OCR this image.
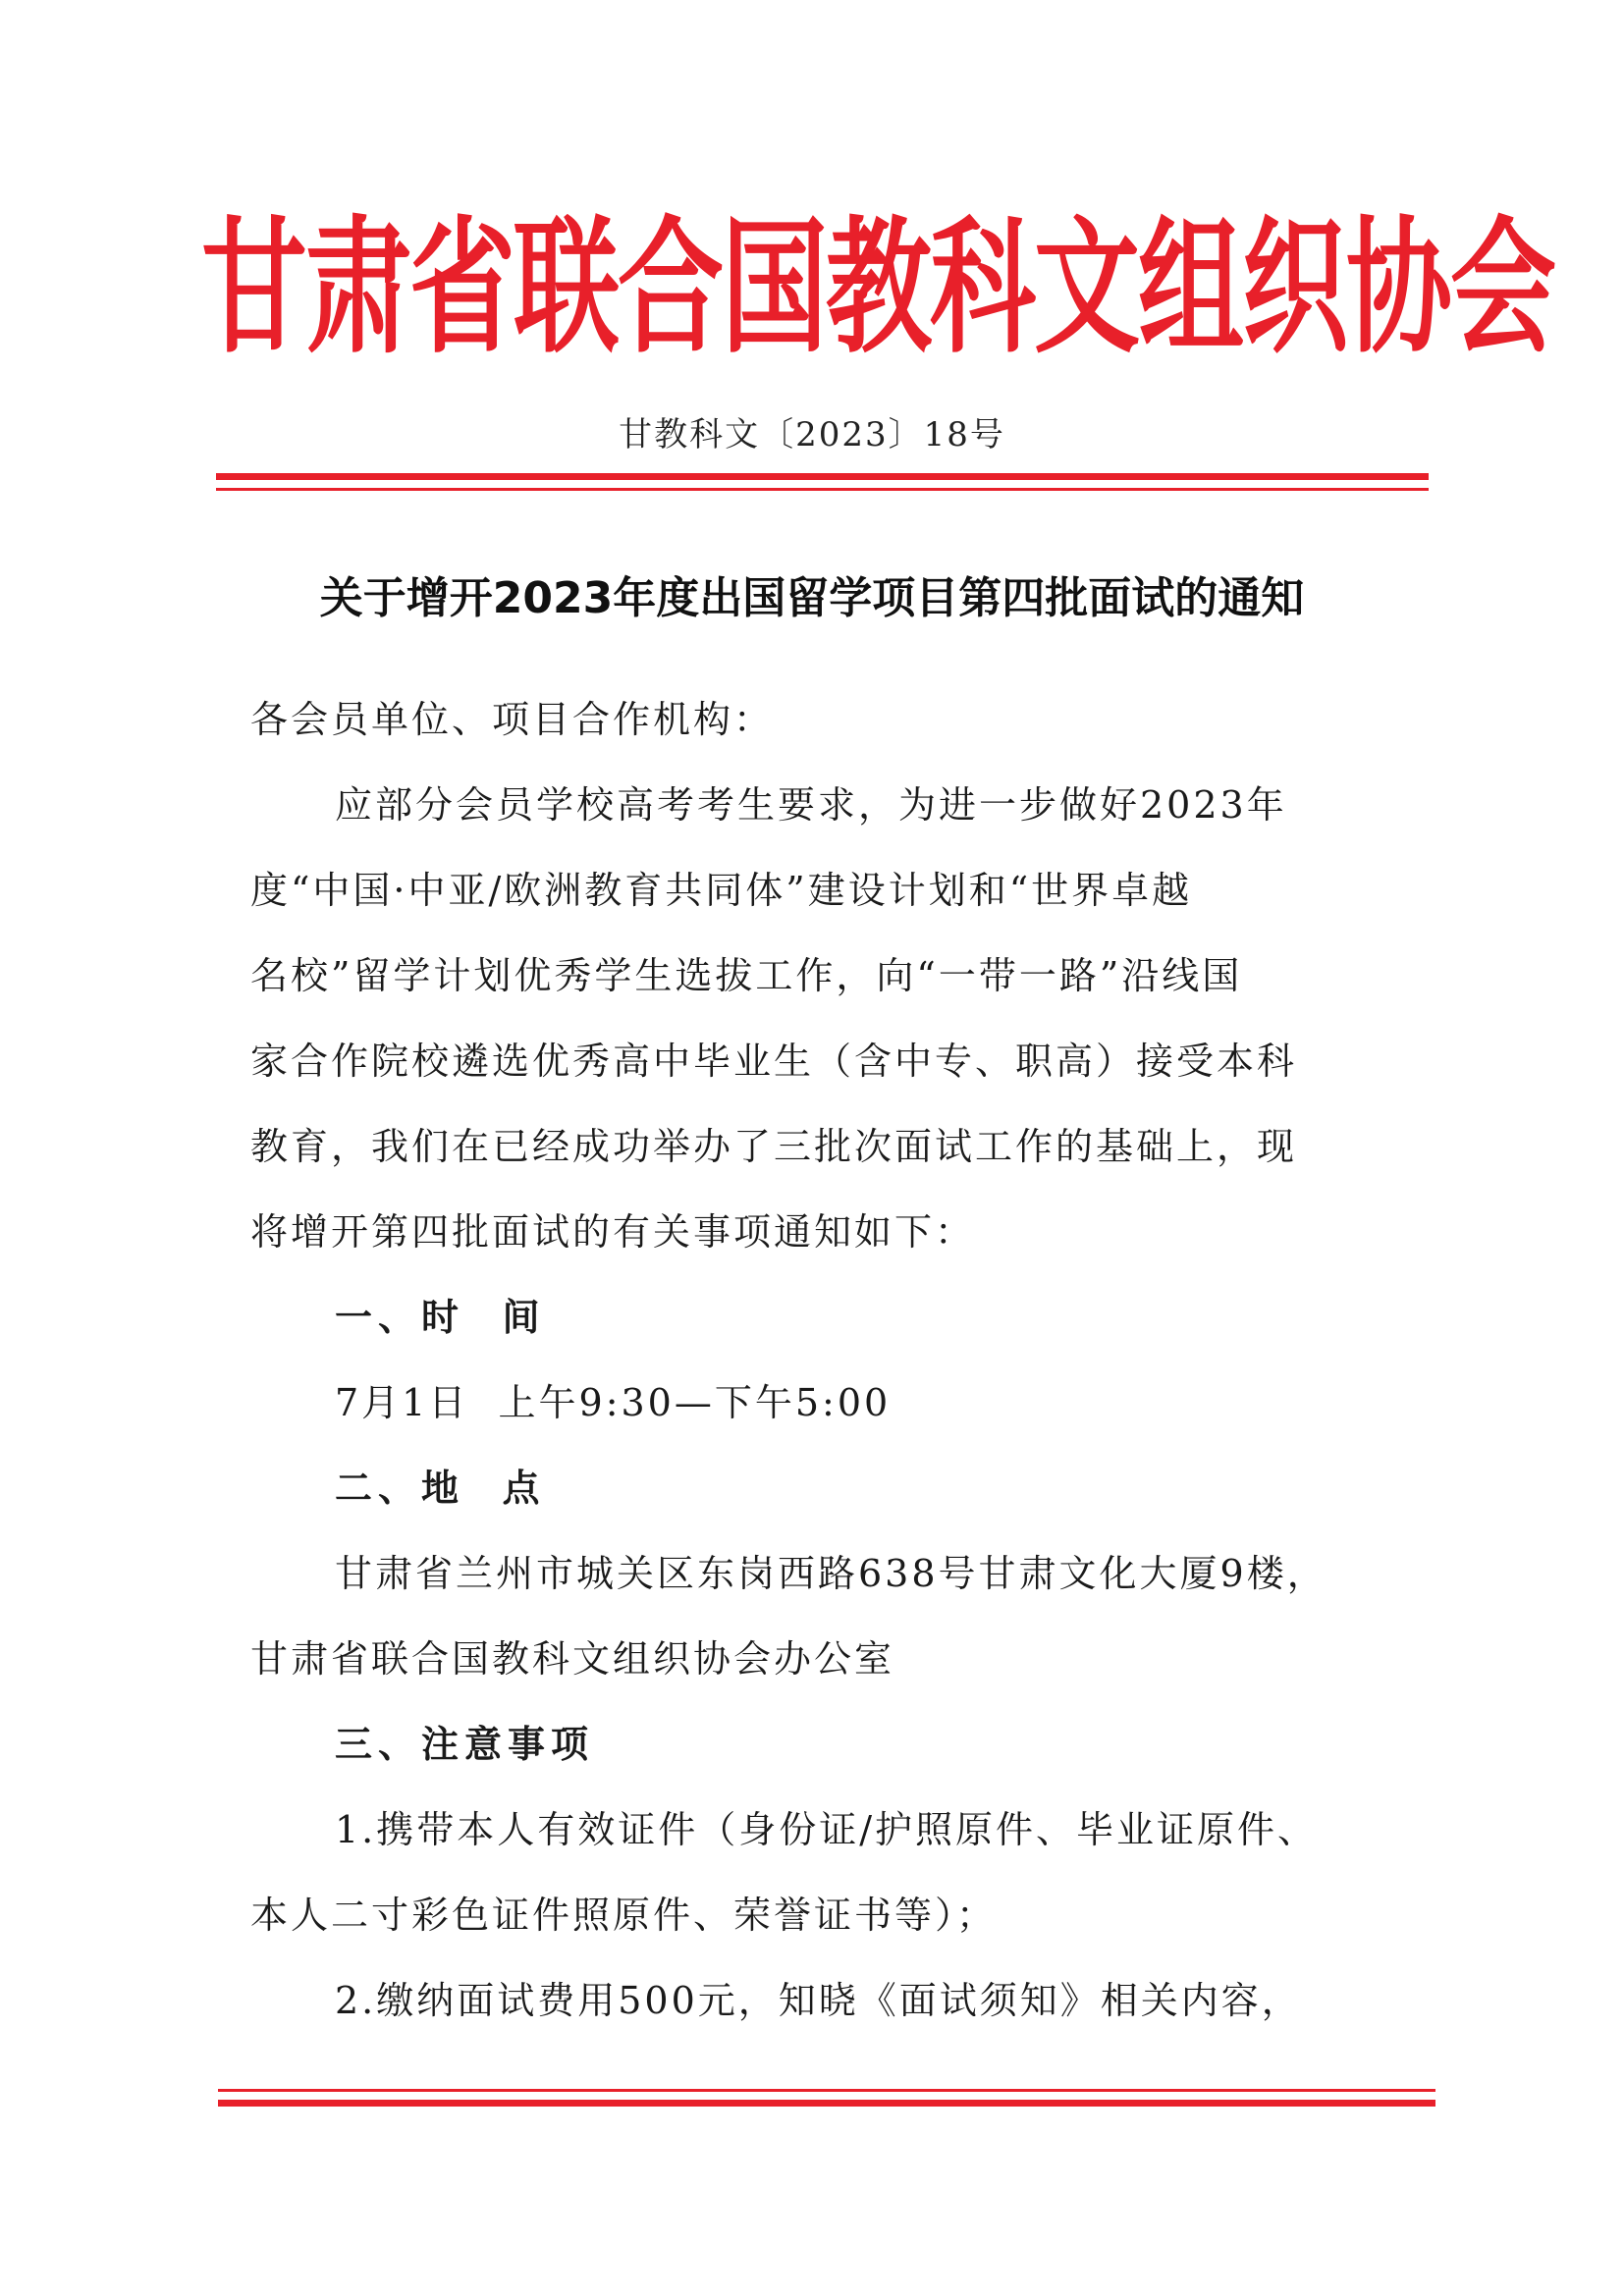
甘肃省联合国教科文组织协会
甘教科文〔2023〕18号
关于增开2023年度出国留学项目第四批面试的通知

各会员单位、项目合作机构：

应部分会员学校高考考生要求，为进一步做好2023年
度“中国·中亚/欧洲教育共同体”建设计划和“世界卓越
名校”留学计划优秀学生选拔工作，向“一带一路”沿线国
家合作院校遴选优秀高中毕业生（含中专、职高）接受本科
教育，我们在已经成功举办了三批次面试工作的基础上，现
将增开第四批面试的有关事项通知如下：

一、时  间

7月1日  上午9:30—下午5:00

二、地  点

甘肃省兰州市城关区东岗西路638号甘肃文化大厦9楼，
甘肃省联合国教科文组织协会办公室

三、注意事项

1.携带本人有效证件（身份证/护照原件、毕业证原件、
本人二寸彩色证件照原件、荣誉证书等）；

2.缴纳面试费用500元，知晓《面试须知》相关内容，
